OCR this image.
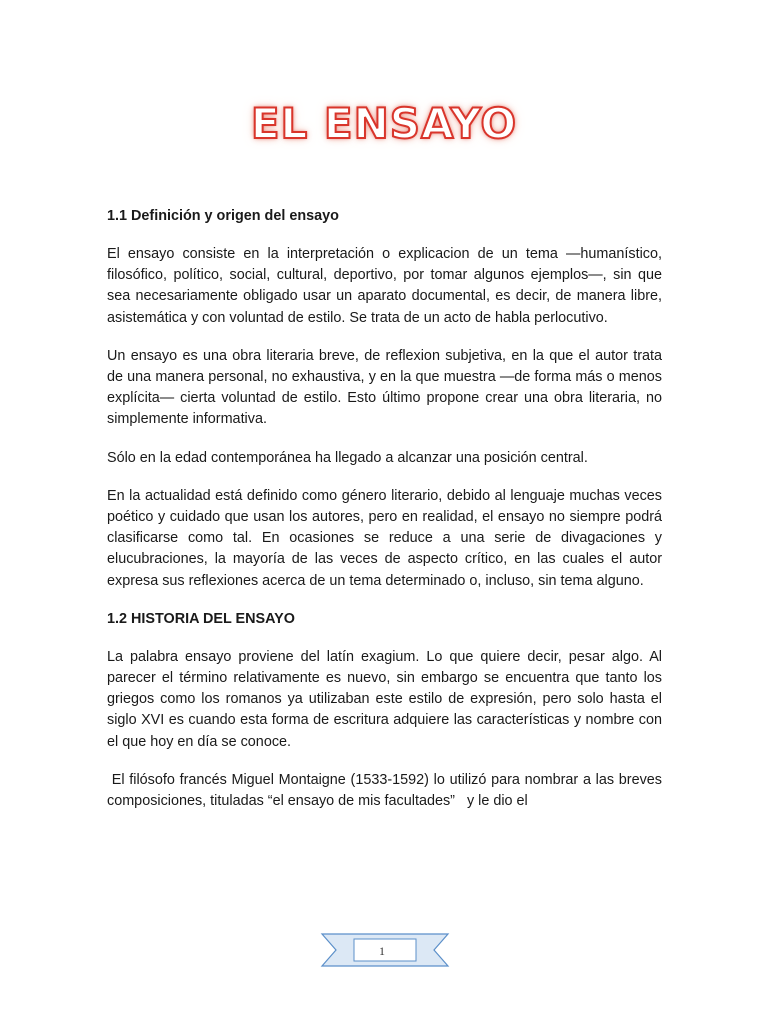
EL ENSAYO
1.1 Definición y origen del ensayo

El ensayo consiste en la interpretación o explicacion de un tema —humanístico, filosófico, político, social, cultural, deportivo, por tomar algunos ejemplos—, sin que sea necesariamente obligado usar un aparato documental, es decir, de manera libre, asistemática y con voluntad de estilo. Se trata de un acto de habla perlocutivo.

Un ensayo es una obra literaria breve, de reflexion subjetiva, en la que el autor trata de una manera personal, no exhaustiva, y en la que muestra —de forma más o menos explícita— cierta voluntad de estilo. Esto último propone crear una obra literaria, no simplemente informativa.

Sólo en la edad contemporánea ha llegado a alcanzar una posición central.

En la actualidad está definido como género literario, debido al lenguaje muchas veces poético y cuidado que usan los autores, pero en realidad, el ensayo no siempre podrá clasificarse como tal. En ocasiones se reduce a una serie de divagaciones y elucubraciones, la mayoría de las veces de aspecto crítico, en las cuales el autor expresa sus reflexiones acerca de un tema determinado o, incluso, sin tema alguno.

1.2 HISTORIA DEL ENSAYO

La palabra ensayo proviene del latín exagium. Lo que quiere decir, pesar algo. Al parecer el término relativamente es nuevo, sin embargo se encuentra que tanto los griegos como los romanos ya utilizaban este estilo de expresión, pero solo hasta el siglo XVI es cuando esta forma de escritura adquiere las características y nombre con el que hoy en día se conoce.

El filósofo francés Miguel Montaigne (1533-1592) lo utilizó para nombrar a las breves composiciones, tituladas “el ensayo de mis facultades”   y le dio el

1
